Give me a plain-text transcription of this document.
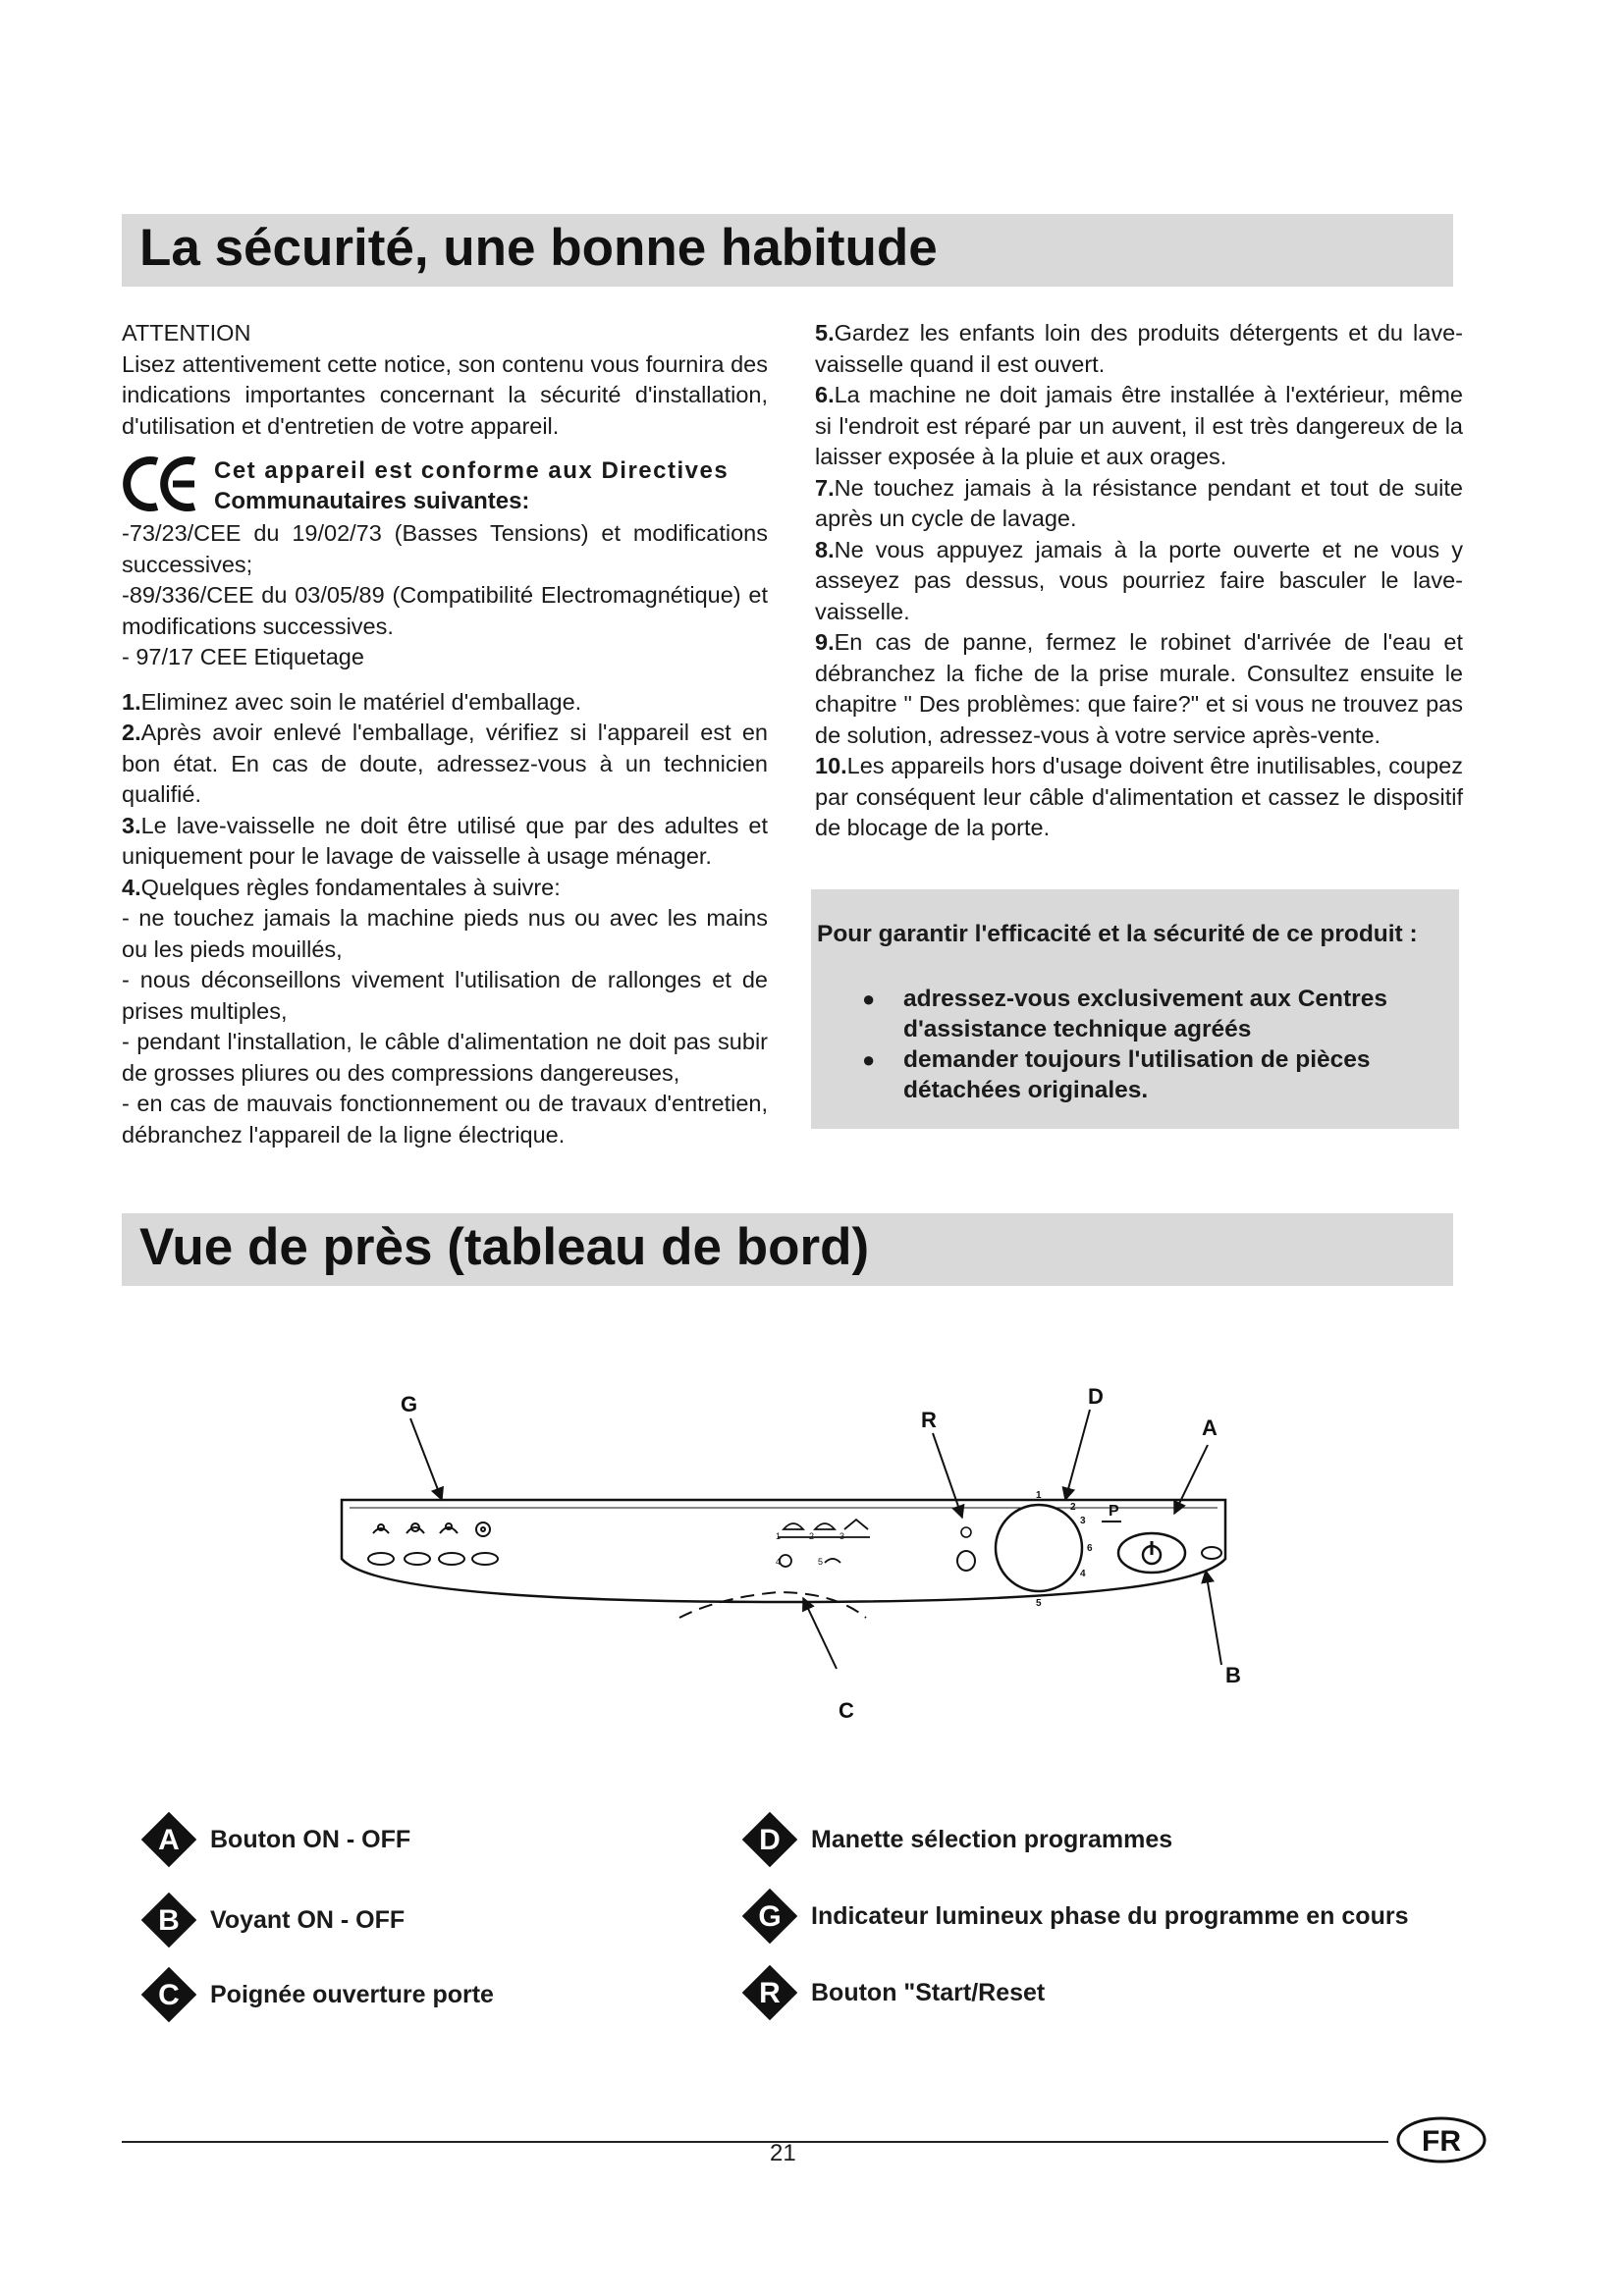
La sécurité, une bonne habitude

ATTENTION

Lisez attentivement cette notice, son contenu vous fournira des indications importantes concernant la sécurité d'installation, d'utilisation et d'entretien de votre appareil.

Cet appareil est conforme aux Directives
Communautaires suivantes:

-73/23/CEE du 19/02/73 (Basses Tensions) et modifications successives;

-89/336/CEE du 03/05/89 (Compatibilité Electromagnétique) et modifications successives.

- 97/17 CEE Etiquetage

1.Eliminez avec soin le matériel d'emballage.

2.Après avoir enlevé l'emballage, vérifiez si l'appareil est en bon état. En cas de doute, adressez-vous à un technicien qualifié.

3.Le lave-vaisselle ne doit être utilisé que par des adultes et uniquement pour le lavage de vaisselle à usage ménager.

4.Quelques règles fondamentales à suivre:

- ne touchez jamais la machine pieds nus ou avec les mains ou les pieds mouillés,

- nous déconseillons vivement l'utilisation de rallonges et de prises multiples,

- pendant l'installation, le câble d'alimentation ne doit pas subir de grosses pliures ou des compressions dangereuses,

- en cas de mauvais fonctionnement ou de travaux d'entretien, débranchez l'appareil de la ligne électrique.

5.Gardez les enfants loin des produits détergents et du lave-vaisselle quand il est ouvert.

6.La machine ne doit jamais être installée à l'extérieur, même si l'endroit est réparé par un auvent, il est très dangereux de la laisser exposée à la pluie et aux orages.

7.Ne touchez jamais à la résistance pendant et tout de suite après un cycle de lavage.

8.Ne vous appuyez jamais à la porte ouverte et ne vous y asseyez pas dessus, vous pourriez faire basculer le lave-vaisselle.

9.En cas de panne, fermez le robinet d'arrivée de l'eau et débranchez la fiche de la prise murale. Consultez ensuite le chapitre " Des problèmes: que faire?" et si vous ne trouvez pas de solution, adressez-vous à votre service après-vente.

10.Les appareils hors d'usage doivent être inutilisables, coupez par conséquent leur câble d'alimentation et cassez le dispositif de blocage de la porte.

Pour garantir l'efficacité et la sécurité de ce produit :
● adressez-vous exclusivement aux Centres d'assistance technique agréés
● demander toujours l'utilisation de pièces détachées originales.
Vue de près (tableau de bord)
1	2	3
4	5
1
2
3
4
5
6
P
G
R
D
A
B
C
A Bouton ON - OFF
B Voyant ON - OFF
C Poignée ouverture porte
D Manette sélection programmes
G Indicateur lumineux phase du programme en cours
R Bouton "Start/Reset
21	FR
